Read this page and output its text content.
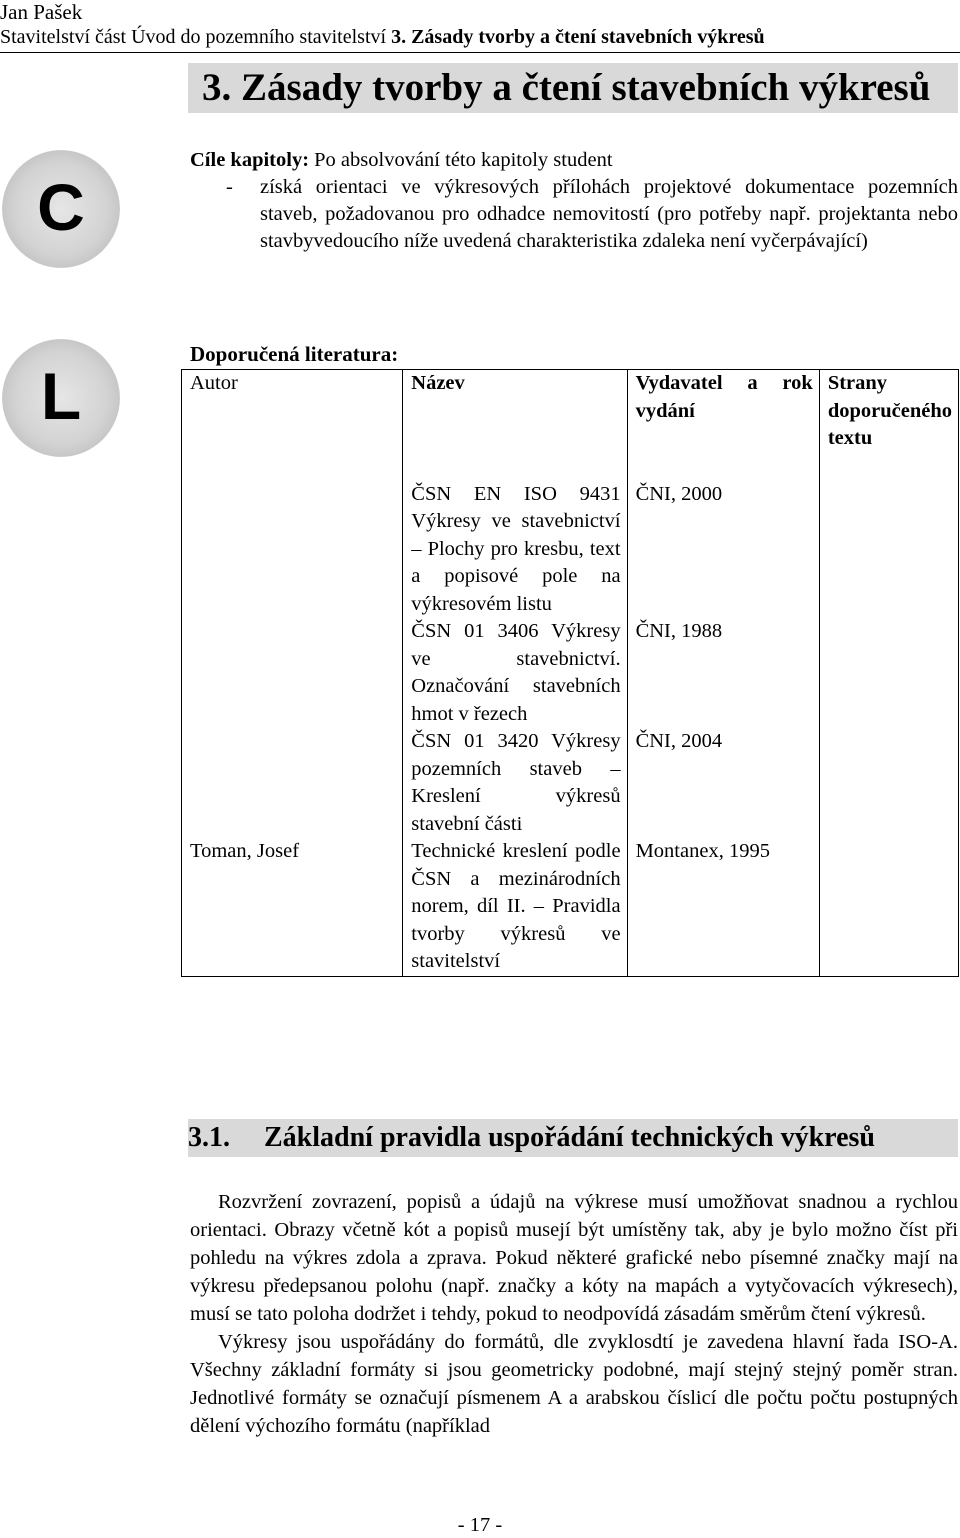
Jan Pašek
Stavitelství část Úvod do pozemního stavitelství 3. Zásady tvorby a čtení stavebních výkresů
3. Zásady tvorby a čtení stavebních výkresů
C
L
Cíle kapitoly: Po absolvování této kapitoly student
- získá orientaci ve výkresových přílohách projektové dokumentace pozemních staveb, požadovanou pro odhadce nemovitostí (pro potřeby např. projektanta nebo stavbyvedoucího níže uvedená charakteristika zdaleka není vyčerpávající)
Doporučená literatura:
Autor	Název	Vydavatel a rok vydání	Strany doporučeného textu
	ČSN EN ISO 9431 Výkresy ve stavebnictví – Plochy pro kresbu, text a popisové pole na výkresovém listu	ČNI, 2000	
	ČSN 01 3406 Výkresy ve stavebnictví. Označování stavebních hmot v řezech	ČNI, 1988	
	ČSN 01 3420 Výkresy pozemních staveb – Kreslení výkresů stavební části	ČNI, 2004	
Toman, Josef	Technické kreslení podle ČSN a mezinárodních norem, díl II. – Pravidla tvorby výkresů ve stavitelství	Montanex, 1995	
3.1. Základní pravidla uspořádání technických výkresů

Rozvržení zovrazení, popisů a údajů na výkrese musí umožňovat snadnou a rychlou orientaci. Obrazy včetně kót a popisů musejí být umístěny tak, aby je bylo možno číst při pohledu na výkres zdola a zprava. Pokud některé grafické nebo písemné značky mají na výkresu předepsanou polohu (např. značky a kóty na mapách a vytyčovacích výkresech), musí se tato poloha dodržet i tehdy, pokud to neodpovídá zásadám směrům čtení výkresů.

Výkresy jsou uspořádány do formátů, dle zvyklosdtí je zavedena hlavní řada ISO-A. Všechny základní formáty si jsou geometricky podobné, mají stejný stejný poměr stran. Jednotlivé formáty se označují písmenem A a arabskou číslicí dle počtu počtu postupných dělení výchozího formátu (například

- 17 -
